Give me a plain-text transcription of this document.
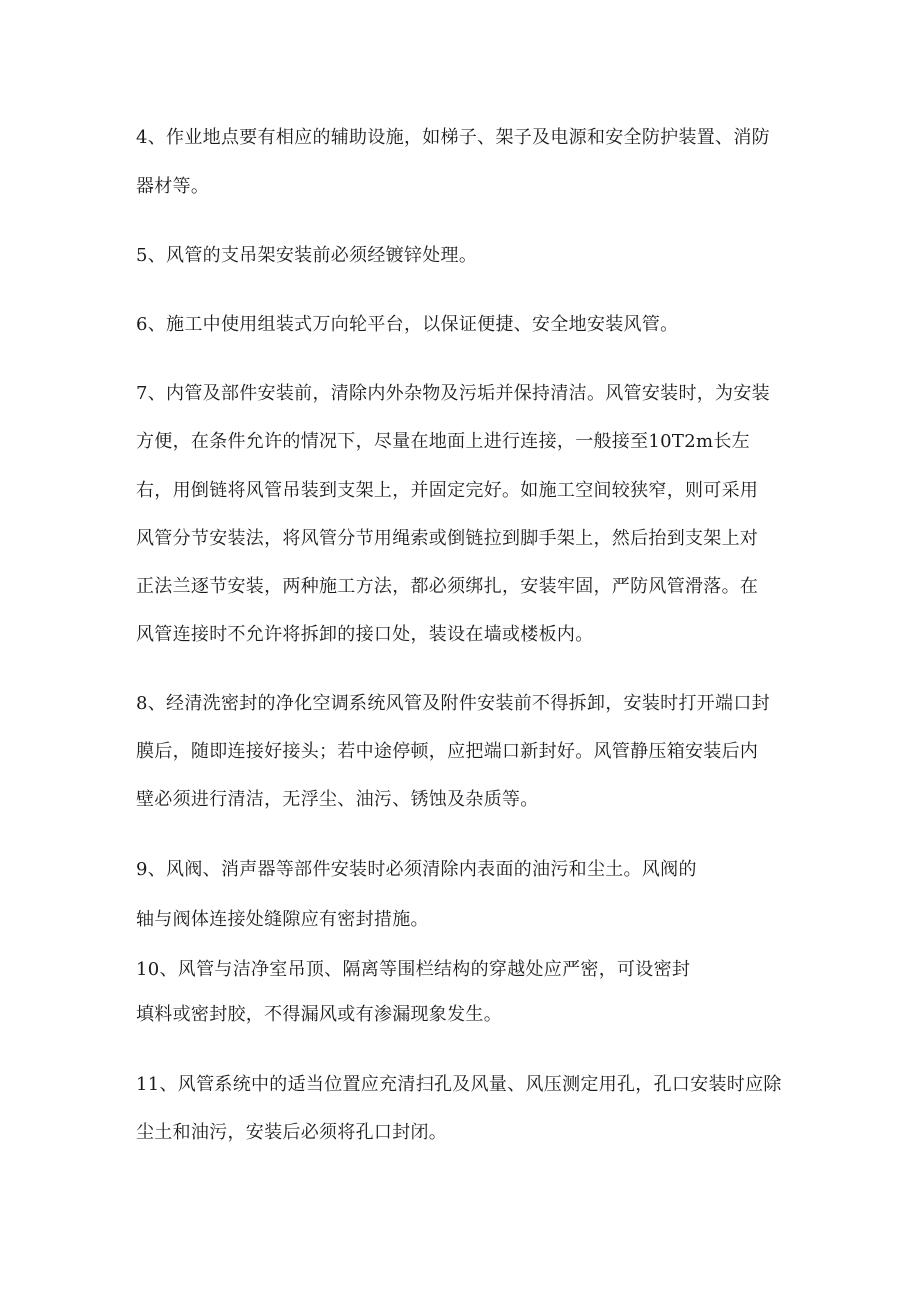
4、作业地点要有相应的辅助设施，如梯子、架子及电源和安全防护装置、消防
器材等。
5、风管的支吊架安装前必须经镀锌处理。
6、施工中使用组装式万向轮平台，以保证便捷、安全地安装风管。
7、内管及部件安装前，清除内外杂物及污垢并保持清洁。风管安装时，为安装
方便，在条件允许的情况下，尽量在地面上进行连接，一般接至10T2m长左
右，用倒链将风管吊装到支架上，并固定完好。如施工空间较狭窄，则可采用
风管分节安装法，将风管分节用绳索或倒链拉到脚手架上，然后抬到支架上对
正法兰逐节安装，两种施工方法，都必须绑扎，安装牢固，严防风管滑落。在
风管连接时不允许将拆卸的接口处，装设在墙或楼板内。
8、经清洗密封的净化空调系统风管及附件安装前不得拆卸，安装时打开端口封
膜后，随即连接好接头；若中途停顿，应把端口新封好。风管静压箱安装后内
壁必须进行清洁，无浮尘、油污、锈蚀及杂质等。
9、风阀、消声器等部件安装时必须清除内表面的油污和尘土。风阀的
轴与阀体连接处缝隙应有密封措施。
10、风管与洁净室吊顶、隔离等围栏结构的穿越处应严密，可设密封
填料或密封胶，不得漏风或有渗漏现象发生。
11、风管系统中的适当位置应充清扫孔及风量、风压测定用孔，孔口安装时应除
尘土和油污，安装后必须将孔口封闭。
